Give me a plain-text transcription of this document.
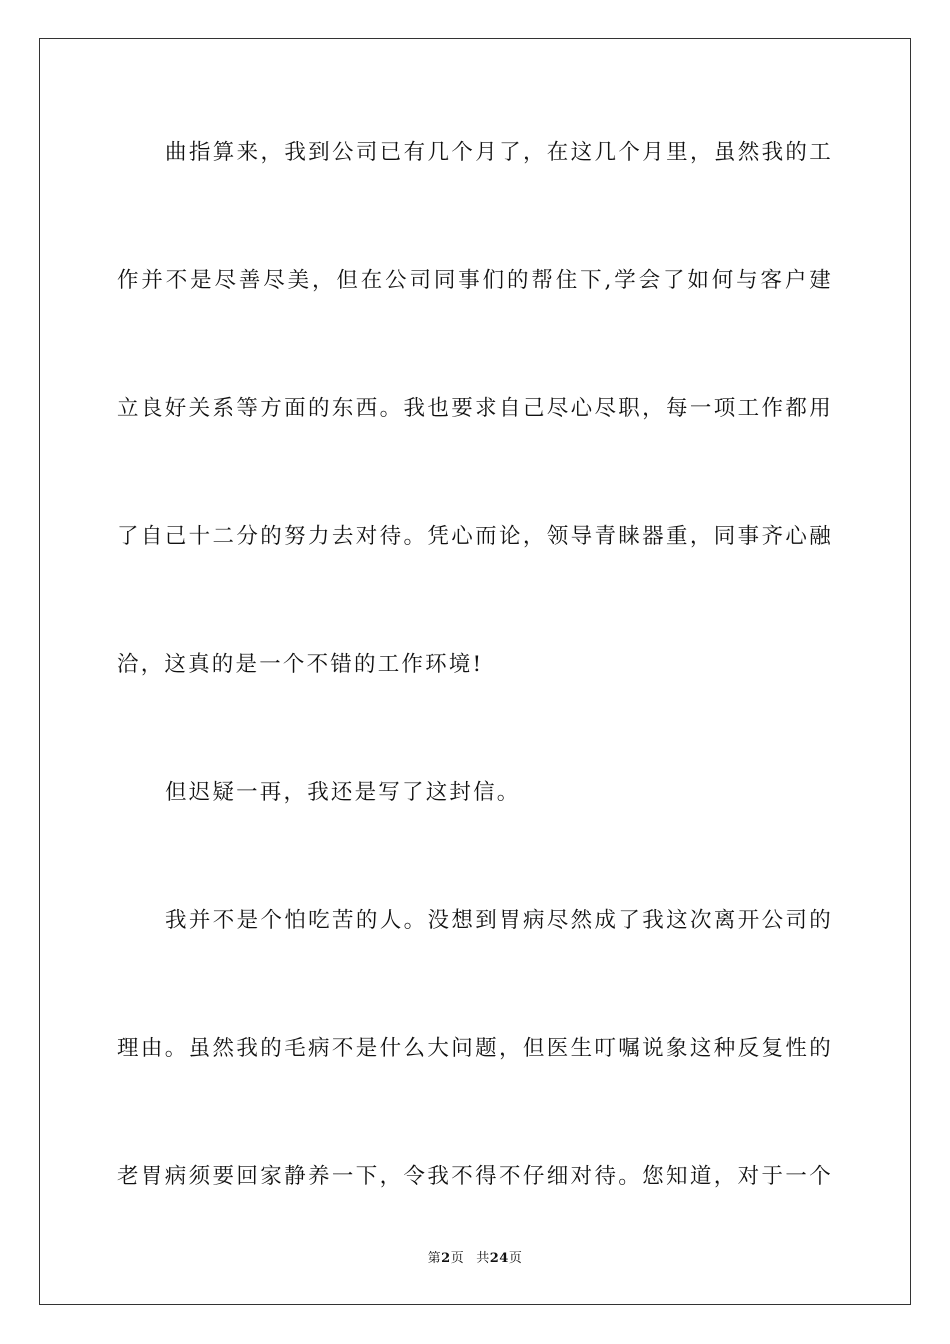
曲指算来，我到公司已有几个月了，在这几个月里，虽然我的工
作并不是尽善尽美，但在公司同事们的帮住下,学会了如何与客户建
立良好关系等方面的东西。我也要求自己尽心尽职，每一项工作都用
了自己十二分的努力去对待。凭心而论，领导青睐器重，同事齐心融
洽，这真的是一个不错的工作环境!
但迟疑一再，我还是写了这封信。
我并不是个怕吃苦的人。没想到胃病尽然成了我这次离开公司的
理由。虽然我的毛病不是什么大问题，但医生叮嘱说象这种反复性的
老胃病须要回家静养一下，令我不得不仔细对待。您知道，对于一个
第2页 共24页
